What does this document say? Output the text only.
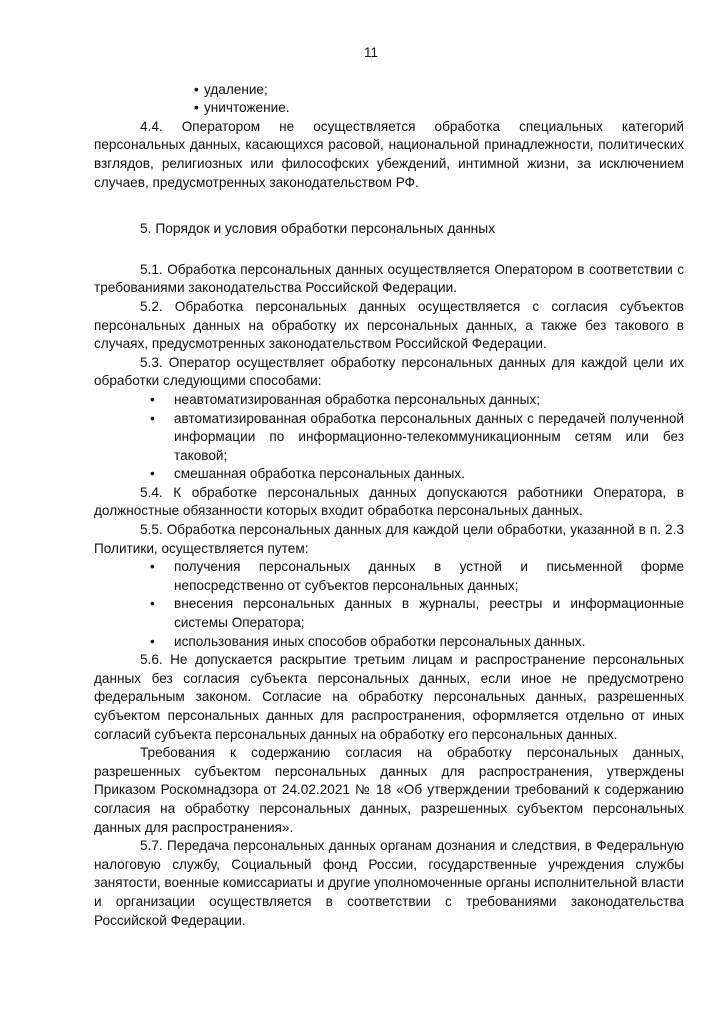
11
• удаление;
• уничтожение.

4.4. Оператором не осуществляется обработка специальных категорий персональных данных, касающихся расовой, национальной принадлежности, политических взглядов, религиозных или философских убеждений, интимной жизни, за исключением случаев, предусмотренных законодательством РФ.

5. Порядок и условия обработки персональных данных

5.1. Обработка персональных данных осуществляется Оператором в соответствии с требованиями законодательства Российской Федерации.

5.2. Обработка персональных данных осуществляется с согласия субъектов персональных данных на обработку их персональных данных, а также без такового в случаях, предусмотренных законодательством Российской Федерации.

5.3. Оператор осуществляет обработку персональных данных для каждой цели их обработки следующими способами:

• неавтоматизированная обработка персональных данных;
• автоматизированная обработка персональных данных с передачей полученной информации по информационно-телекоммуникационным сетям или без таковой;
• смешанная обработка персональных данных.

5.4. К обработке персональных данных допускаются работники Оператора, в должностные обязанности которых входит обработка персональных данных.

5.5. Обработка персональных данных для каждой цели обработки, указанной в п. 2.3 Политики, осуществляется путем:

• получения персональных данных в устной и письменной форме непосредственно от субъектов персональных данных;
• внесения персональных данных в журналы, реестры и информационные системы Оператора;
• использования иных способов обработки персональных данных.

5.6. Не допускается раскрытие третьим лицам и распространение персональных данных без согласия субъекта персональных данных, если иное не предусмотрено федеральным законом. Согласие на обработку персональных данных, разрешенных субъектом персональных данных для распространения, оформляется отдельно от иных согласий субъекта персональных данных на обработку его персональных данных.

Требования к содержанию согласия на обработку персональных данных, разрешенных субъектом персональных данных для распространения, утверждены Приказом Роскомнадзора от 24.02.2021 № 18 «Об утверждении требований к содержанию согласия на обработку персональных данных, разрешенных субъектом персональных данных для распространения».

5.7. Передача персональных данных органам дознания и следствия, в Федеральную налоговую службу, Социальный фонд России, государственные учреждения службы занятости, военные комиссариаты и другие уполномоченные органы исполнительной власти и организации осуществляется в соответствии с требованиями законодательства Российской Федерации.
